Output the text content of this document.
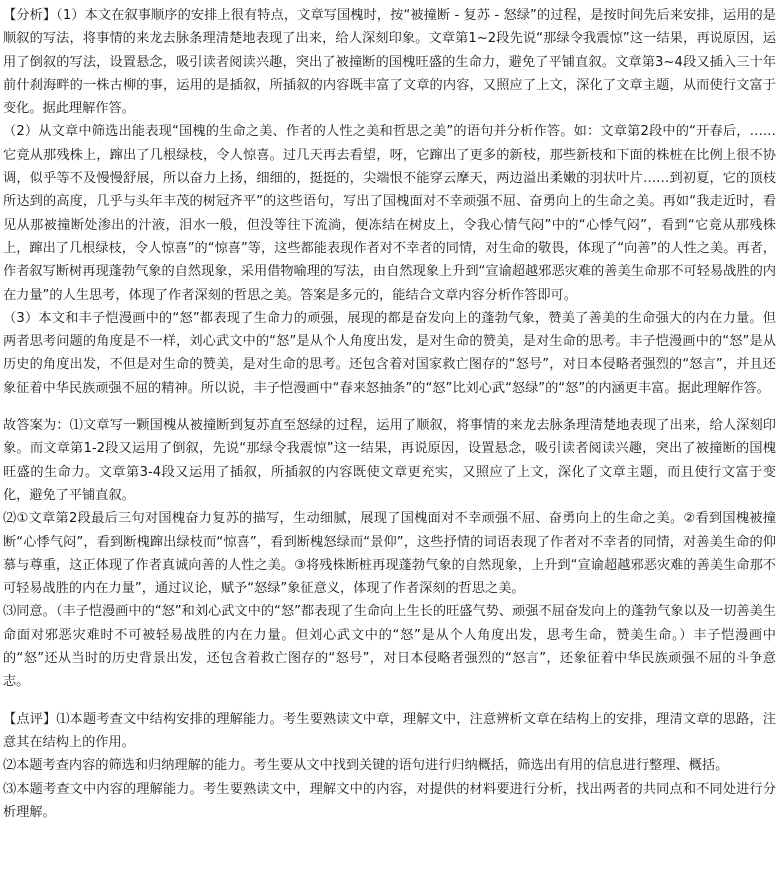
【分析】（1）本文在叙事顺序的安排上很有特点，文章写国槐时，按“被撞断 - 复苏 - 怒绿”的过程，是按时间先后来安排，运用的是顺叙的写法，将事情的来龙去脉条理清楚地表现了出来，给人深刻印象。文章第1~2段先说“那绿令我震惊”这一结果，再说原因，运用了倒叙的写法，设置悬念，吸引读者阅读兴趣，突出了被撞断的国槐旺盛的生命力，避免了平铺直叙。文章第3~4段又插入三十年前什刹海畔的一株古柳的事，运用的是插叙，所插叙的内容既丰富了文章的内容，又照应了上文，深化了文章主题，从而使行文富于变化。据此理解作答。

（2）从文章中筛选出能表现“国槐的生命之美、作者的人性之美和哲思之美”的语句并分析作答。如：文章第2段中的“开春后，……它竟从那残株上，蹿出了几根绿枝，令人惊喜。过几天再去看望，呀，它蹿出了更多的新枝，那些新枝和下面的株桩在比例上很不协调，似乎等不及慢慢舒展，所以奋力上扬，细细的，挺挺的，尖端恨不能穿云摩天，两边溢出柔嫩的羽状叶片……到初夏，它的顶枝所达到的高度，几乎与头年丰茂的树冠齐平”的这些语句，写出了国槐面对不幸顽强不屈、奋勇向上的生命之美。再如“我走近时，看见从那被撞断处渗出的汁液，泪水一般，但没等往下流淌，便冻结在树皮上，令我心情气闷”中的“心悸气闷”，看到“它竟从那残株上，蹿出了几根绿枝，令人惊喜”的“惊喜”等，这些都能表现作者对不幸者的同情，对生命的敬畏，体现了“向善”的人性之美。再者，作者叙写断树再现蓬勃气象的自然现象，采用借物喻理的写法，由自然现象上升到“宣谕超越邪恶灾难的善美生命那不可轻易战胜的内在力量”的人生思考，体现了作者深刻的哲思之美。答案是多元的，能结合文章内容分析作答即可。

（3）本文和丰子恺漫画中的“怒”都表现了生命力的顽强，展现的都是奋发向上的蓬勃气象，赞美了善美的生命强大的内在力量。但两者思考问题的角度是不一样，刘心武文中的“怒”是从个人角度出发，是对生命的赞美，是对生命的思考。丰子恺漫画中的“怒”是从历史的角度出发，不但是对生命的赞美，是对生命的思考。还包含着对国家救亡图存的“怒号”，对日本侵略者强烈的“怒言”，并且还象征着中华民族顽强不屈的精神。所以说，丰子恺漫画中“春来怒抽条”的“怒”比刘心武“怒绿”的“怒”的内涵更丰富。据此理解作答。

故答案为：⑴文章写一颗国槐从被撞断到复苏直至怒绿的过程，运用了顺叙，将事情的来龙去脉条理清楚地表现了出来，给人深刻印象。而文章第1-2段又运用了倒叙，先说“那绿令我震惊”这一结果，再说原因，设置悬念，吸引读者阅读兴趣，突出了被撞断的国槐旺盛的生命力。文章第3-4段又运用了插叙，所插叙的内容既使文章更充实，又照应了上文，深化了文章主题，而且使行文富于变化，避免了平铺直叙。

⑵①文章第2段最后三句对国槐奋力复苏的描写，生动细腻，展现了国槐面对不幸顽强不屈、奋勇向上的生命之美。②看到国槐被撞断“心悸气闷”，看到断槐蹿出绿枝而“惊喜”，看到断槐怒绿而“景仰”，这些抒情的词语表现了作者对不幸者的同情，对善美生命的仰慕与尊重，这正体现了作者真诚向善的人性之美。③将残株断桩再现蓬勃气象的自然现象，上升到“宣谕超越邪恶灾难的善美生命那不可轻易战胜的内在力量”，通过议论，赋予“怒绿”象征意义，体现了作者深刻的哲思之美。

⑶同意。（丰子恺漫画中的“怒”和刘心武文中的“怒”都表现了生命向上生长的旺盛气势、顽强不屈奋发向上的蓬勃气象以及一切善美生命面对邪恶灾难时不可被轻易战胜的内在力量。但刘心武文中的“怒”是从个人角度出发，思考生命，赞美生命。）丰子恺漫画中的“怒”还从当时的历史背景出发，还包含着救亡图存的“怒号”，对日本侵略者强烈的“怒言”，还象征着中华民族顽强不屈的斗争意志。

【点评】⑴本题考查文中结构安排的理解能力。考生要熟读文中章，理解文中，注意辨析文章在结构上的安排，理清文章的思路，注意其在结构上的作用。

⑵本题考查内容的筛选和归纳理解的能力。考生要从文中找到关键的语句进行归纳概括，筛选出有用的信息进行整理、概括。

⑶本题考查文中内容的理解能力。考生要熟读文中，理解文中的内容，对提供的材料要进行分析，找出两者的共同点和不同处进行分析理解。
